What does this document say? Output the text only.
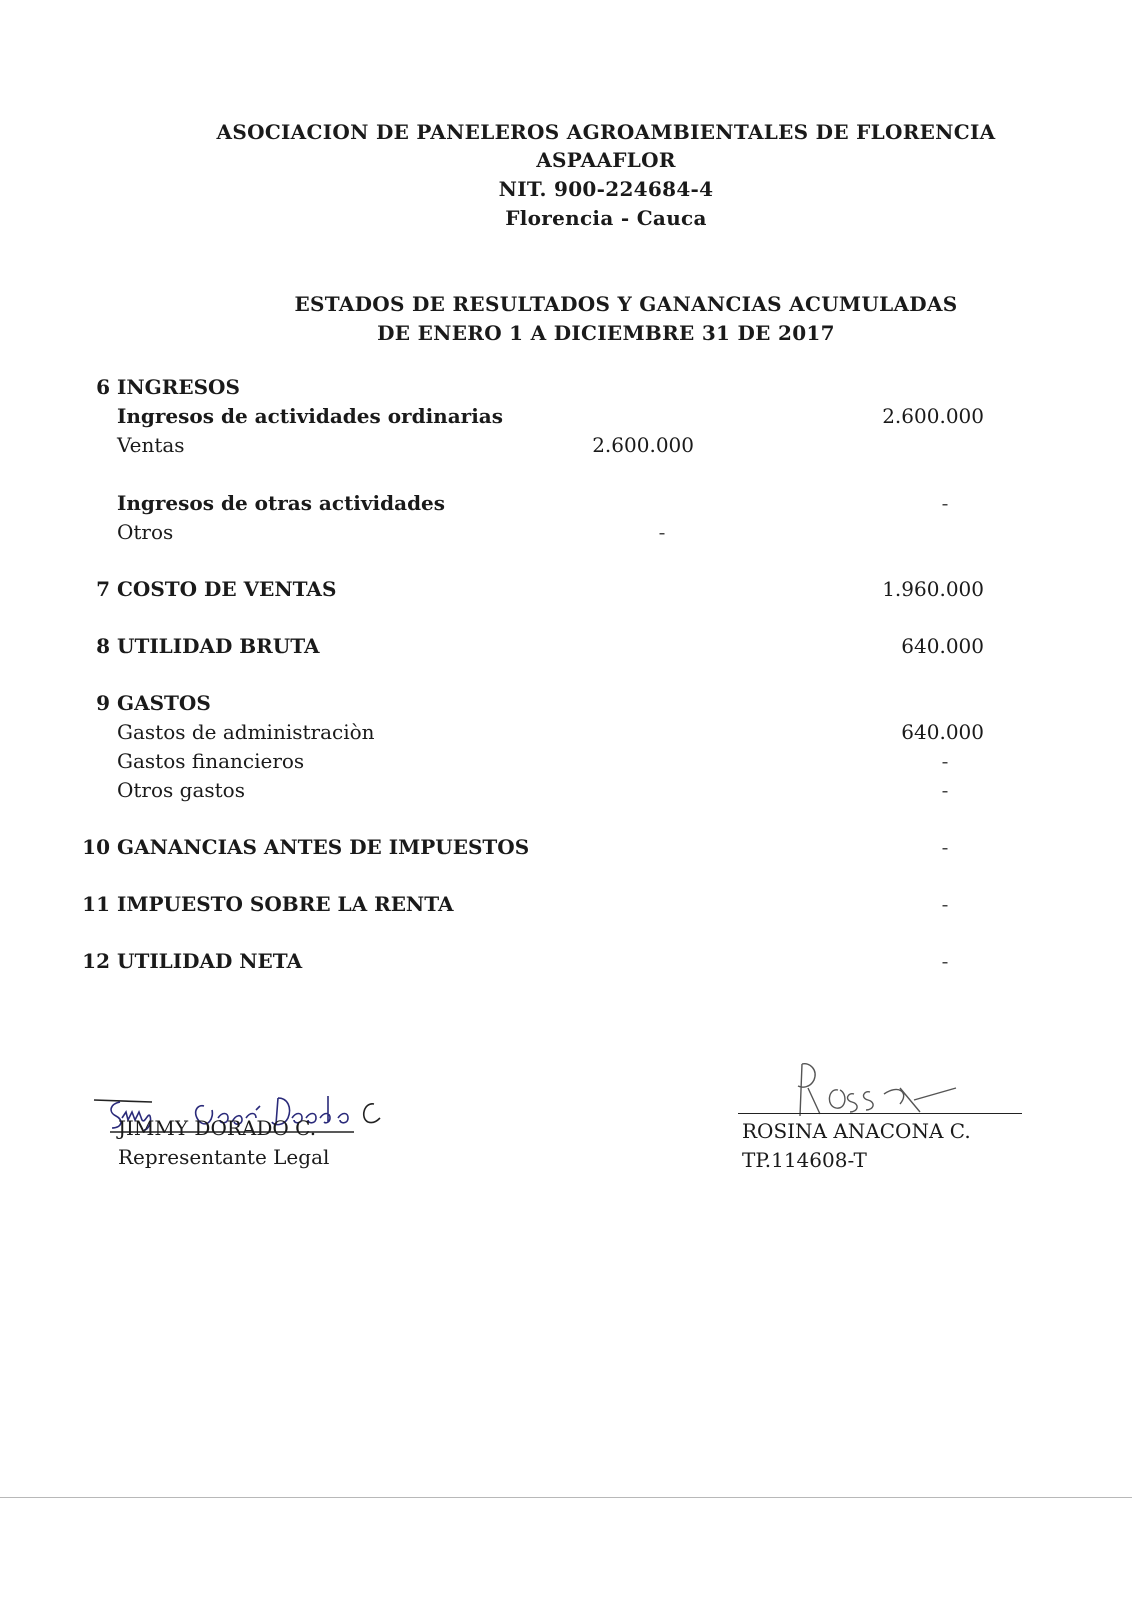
ASOCIACION DE PANELEROS AGROAMBIENTALES DE FLORENCIA
ASPAAFLOR
NIT. 900-224684-4
Florencia - Cauca
ESTADOS DE RESULTADOS Y GANANCIAS ACUMULADAS
DE ENERO 1 A DICIEMBRE 31 DE 2017
6 INGRESOS
Ingresos de actividades ordinarias	2.600.000
Ventas	2.600.000
Ingresos de otras actividades	-
Otros	-
7 COSTO DE VENTAS	1.960.000
8 UTILIDAD BRUTA	640.000
9 GASTOS
Gastos de administraciòn	640.000
Gastos financieros	-
Otros gastos	-
10 GANANCIAS ANTES DE IMPUESTOS	-
11 IMPUESTO SOBRE LA RENTA	-
12 UTILIDAD NETA	-
JIMMY DORADO C.
Representante Legal
ROSINA ANACONA C.
TP.114608-T
